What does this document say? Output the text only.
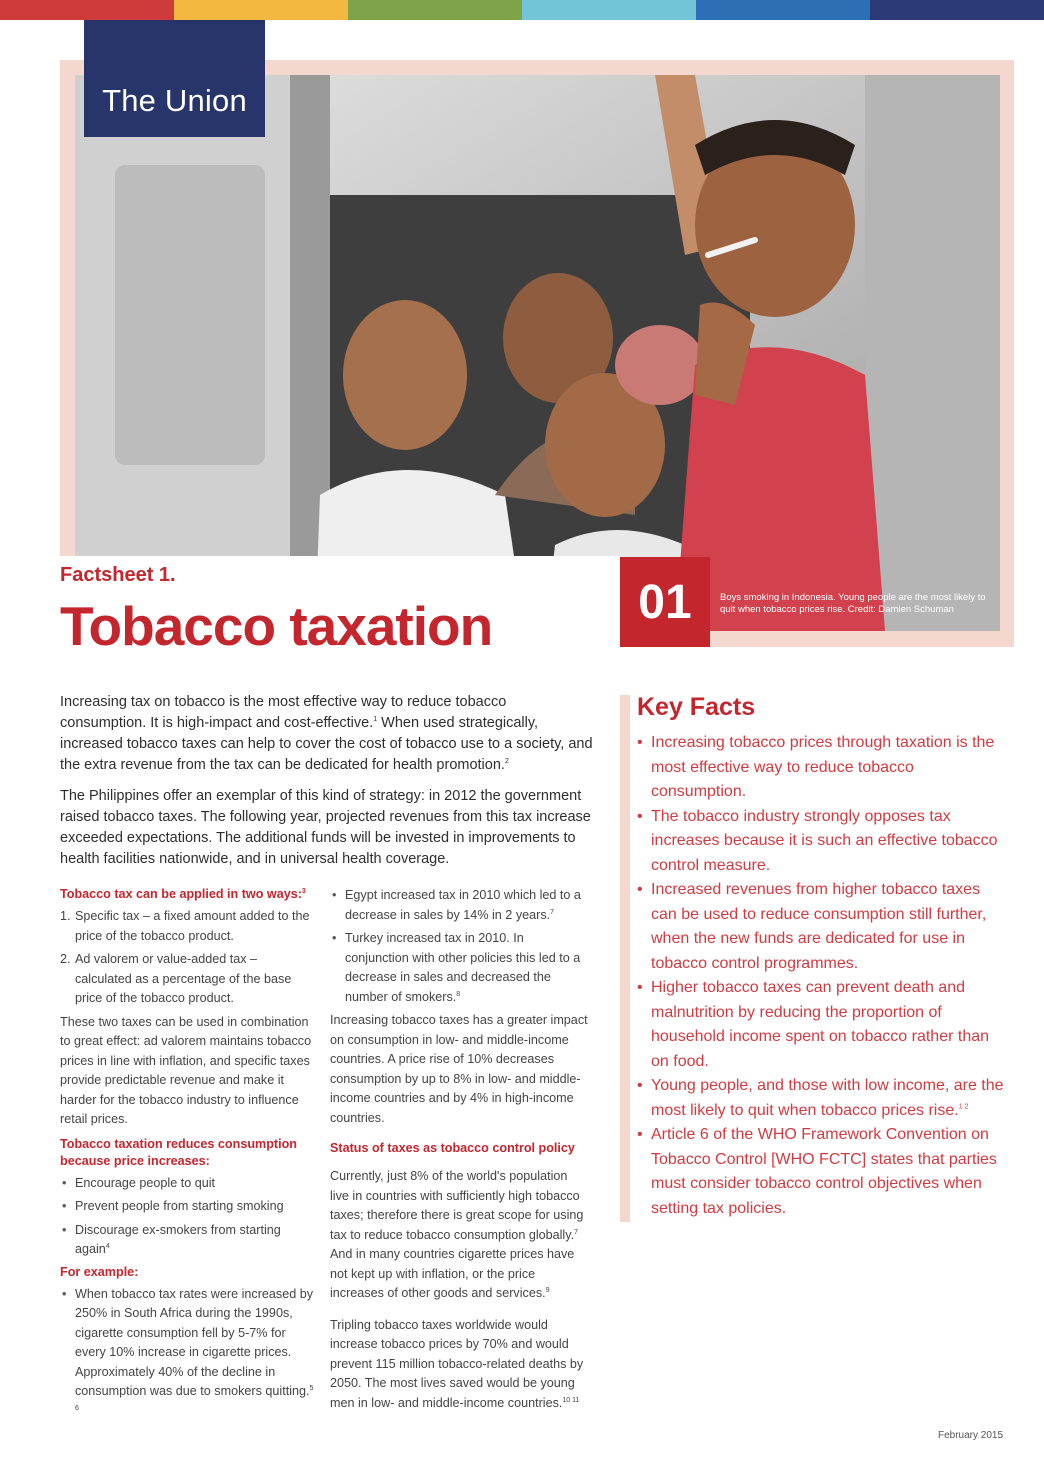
The Union
Factsheet 1.
Tobacco taxation	01	Boys smoking in Indonesia. Young people are the most likely to quit when tobacco prices rise. Credit: Damien Schuman

Increasing tax on tobacco is the most effective way to reduce tobacco consumption. It is high-impact and cost-effective.$^1$ When used strategically, increased tobacco taxes can help to cover the cost of tobacco use to a society, and the extra revenue from the tax can be dedicated for health promotion.$^2$

The Philippines offer an exemplar of this kind of strategy: in 2012 the government raised tobacco taxes. The following year, projected revenues from this tax increase exceeded expectations. The additional funds will be invested in improvements to health facilities nationwide, and in universal health coverage.

Tobacco tax can be applied in two ways:$^3$
1. Specific tax – a fixed amount added to the price of the tobacco product.
2. Ad valorem or value-added tax – calculated as a percentage of the base price of the tobacco product.

These two taxes can be used in combination to great effect: ad valorem maintains tobacco prices in line with inflation, and specific taxes provide predictable revenue and make it harder for the tobacco industry to influence retail prices.

Tobacco taxation reduces consumption because price increases:
• Encourage people to quit
• Prevent people from starting smoking
• Discourage ex-smokers from starting again$^4$
For example:
• When tobacco tax rates were increased by 250% in South Africa during the 1990s, cigarette consumption fell by 5-7% for every 10% increase in cigarette prices. Approximately 40% of the decline in consumption was due to smokers quitting.$^{5 6}$
• Egypt increased tax in 2010 which led to a decrease in sales by 14% in 2 years.$^7$
• Turkey increased tax in 2010. In conjunction with other policies this led to a decrease in sales and decreased the number of smokers.$^8$

Increasing tobacco taxes has a greater impact on consumption in low- and middle-income countries. A price rise of 10% decreases consumption by up to 8% in low- and middle-income countries and by 4% in high-income countries.

Status of taxes as tobacco control policy

Currently, just 8% of the world's population live in countries with sufficiently high tobacco taxes; therefore there is great scope for using tax to reduce tobacco consumption globally.$^7$ And in many countries cigarette prices have not kept up with inflation, or the price increases of other goods and services.$^9$

Tripling tobacco taxes worldwide would increase tobacco prices by 70% and would prevent 115 million tobacco-related deaths by 2050. The most lives saved would be young men in low- and middle-income countries.$^{10 11}$

Key Facts
• Increasing tobacco prices through taxation is the most effective way to reduce tobacco consumption.
• The tobacco industry strongly opposes tax increases because it is such an effective tobacco control measure.
• Increased revenues from higher tobacco taxes can be used to reduce consumption still further, when the new funds are dedicated for use in tobacco control programmes.
• Higher tobacco taxes can prevent death and malnutrition by reducing the proportion of household income spent on tobacco rather than on food.
• Young people, and those with low income, are the most likely to quit when tobacco prices rise.$^{1 2}$
• Article 6 of the WHO Framework Convention on Tobacco Control [WHO FCTC] states that parties must consider tobacco control objectives when setting tax policies.
February 2015
